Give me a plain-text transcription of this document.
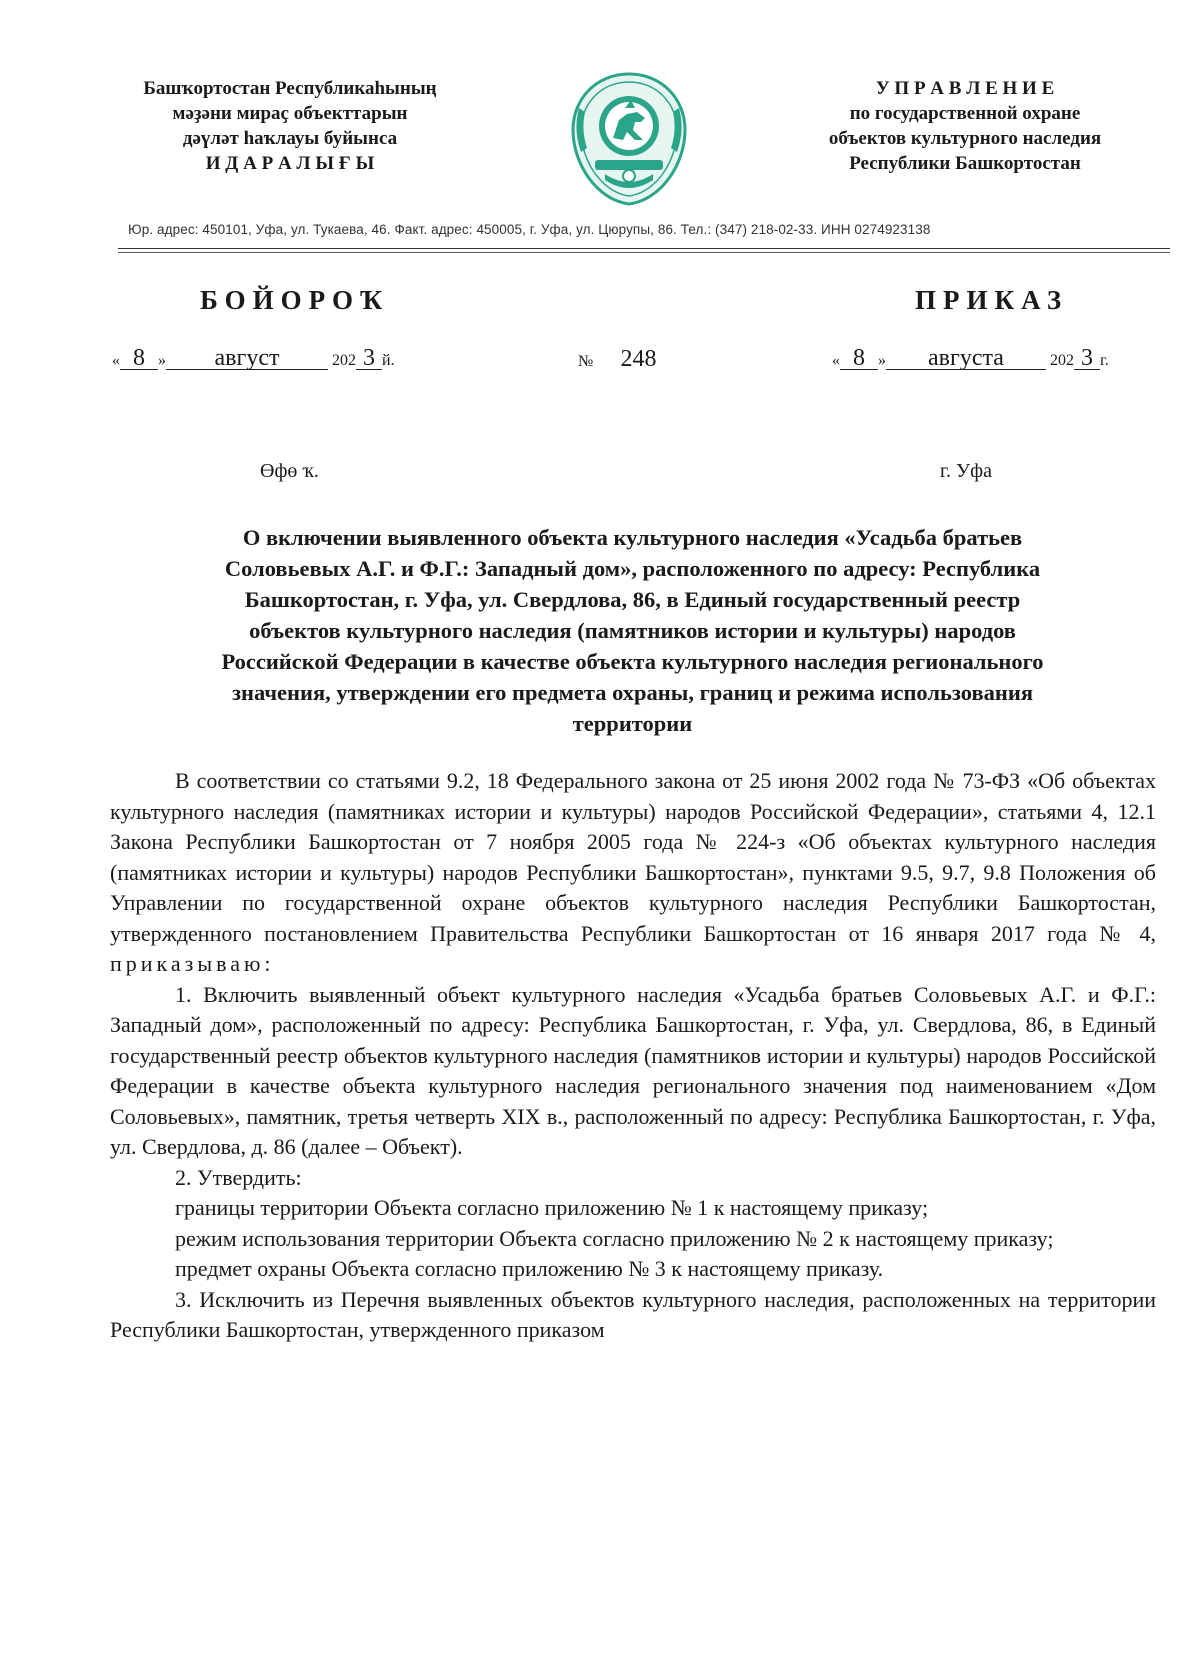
Башҡортостан Республикаһының
мәҙәни мираҫ объекттарын
дәүләт һаҡлауы буйынса
И Д А Р А Л Ы Ғ Ы
У П Р А В Л Е Н И Е
по государственной охране
объектов культурного наследия
Республики Башкортостан
Юр. адрес: 450101, Уфа, ул. Тукаева, 46. Факт. адрес: 450005, г. Уфа, ул. Цюрупы, 86. Тел.: (347) 218-02-33. ИНН 0274923138
БОЙОРОҠ	ПРИКАЗ
« 8 » август	202 3 й.	№ 248	« 8 » августа	202 3 г.
Өфө ҡ.	г. Уфа
О включении выявленного объекта культурного наследия «Усадьба братьев
Соловьевых А.Г. и Ф.Г.: Западный дом», расположенного по адресу: Республика
Башкортостан, г. Уфа, ул. Свердлова, 86, в Единый государственный реестр
объектов культурного наследия (памятников истории и культуры) народов
Российской Федерации в качестве объекта культурного наследия регионального
значения, утверждении его предмета охраны, границ и режима использования
территории

В соответствии со статьями 9.2, 18 Федерального закона от 25 июня 2002 года № 73-ФЗ «Об объектах культурного наследия (памятниках истории и культуры) народов Российской Федерации», статьями 4, 12.1 Закона Республики Башкортостан от 7 ноября 2005 года № 224-з «Об объектах культурного наследия (памятниках истории и культуры) народов Республики Башкортостан», пунктами 9.5, 9.7, 9.8 Положения об Управлении по государственной охране объектов культурного наследия Республики Башкортостан, утвержденного постановлением Правительства Республики Башкортостан от 16 января 2017 года № 4, приказываю:

1. Включить выявленный объект культурного наследия «Усадьба братьев Соловьевых А.Г. и Ф.Г.: Западный дом», расположенный по адресу: Республика Башкортостан, г. Уфа, ул. Свердлова, 86, в Единый государственный реестр объектов культурного наследия (памятников истории и культуры) народов Российской Федерации в качестве объекта культурного наследия регионального значения под наименованием «Дом Соловьевых», памятник, третья четверть XIX в., расположенный по адресу: Республика Башкортостан, г. Уфа, ул. Свердлова, д. 86 (далее – Объект).

2. Утвердить:

границы территории Объекта согласно приложению № 1 к настоящему приказу;

режим использования территории Объекта согласно приложению № 2 к настоящему приказу;

предмет охраны Объекта согласно приложению № 3 к настоящему приказу.

3. Исключить из Перечня выявленных объектов культурного наследия, расположенных на территории Республики Башкортостан, утвержденного приказом
